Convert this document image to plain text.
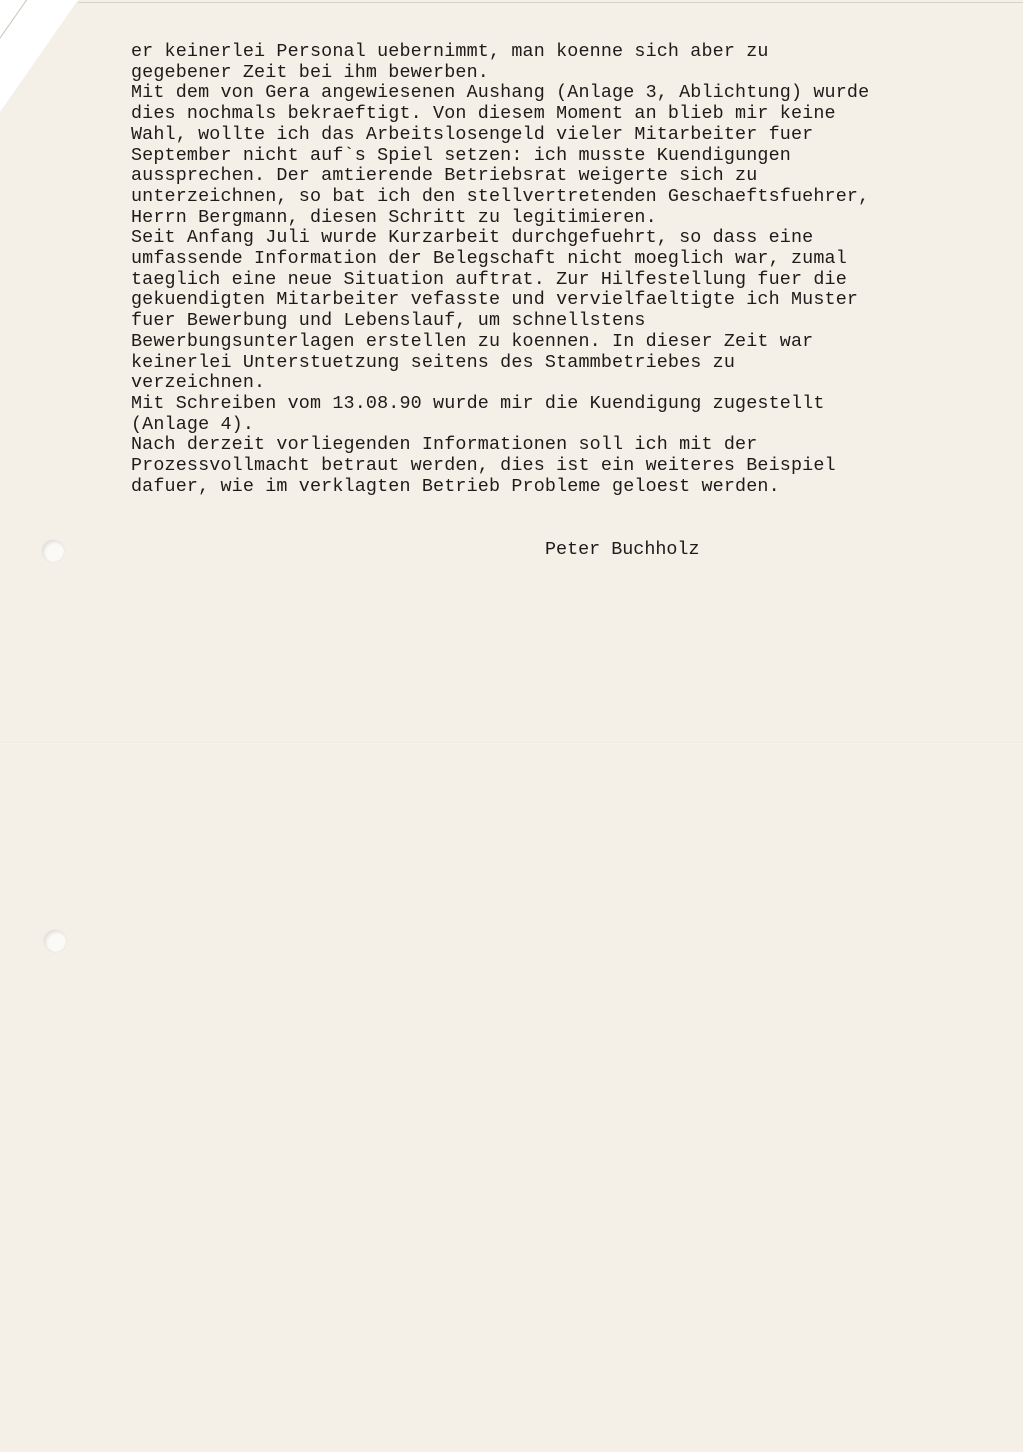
er keinerlei Personal uebernimmt, man koenne sich aber zu

gegebener Zeit bei ihm bewerben.

Mit dem von Gera angewiesenen Aushang (Anlage 3, Ablichtung) wurde

dies nochmals bekraeftigt. Von diesem Moment an blieb mir keine

Wahl, wollte ich das Arbeitslosengeld vieler Mitarbeiter fuer

September nicht auf`s Spiel setzen: ich musste Kuendigungen

aussprechen. Der amtierende Betriebsrat weigerte sich zu

unterzeichnen, so bat ich den stellvertretenden Geschaeftsfuehrer,

Herrn Bergmann, diesen Schritt zu legitimieren.

Seit Anfang Juli wurde Kurzarbeit durchgefuehrt, so dass eine

umfassende Information der Belegschaft nicht moeglich war, zumal

taeglich eine neue Situation auftrat. Zur Hilfestellung fuer die

gekuendigten Mitarbeiter vefasste und vervielfaeltigte ich Muster

fuer Bewerbung und Lebenslauf, um schnellstens

Bewerbungsunterlagen erstellen zu koennen. In dieser Zeit war

keinerlei Unterstuetzung seitens des Stammbetriebes zu

verzeichnen.

Mit Schreiben vom 13.08.90 wurde mir die Kuendigung zugestellt

(Anlage 4).

Nach derzeit vorliegenden Informationen soll ich mit der

Prozessvollmacht betraut werden, dies ist ein weiteres Beispiel

dafuer, wie im verklagten Betrieb Probleme geloest werden.

Peter Buchholz
